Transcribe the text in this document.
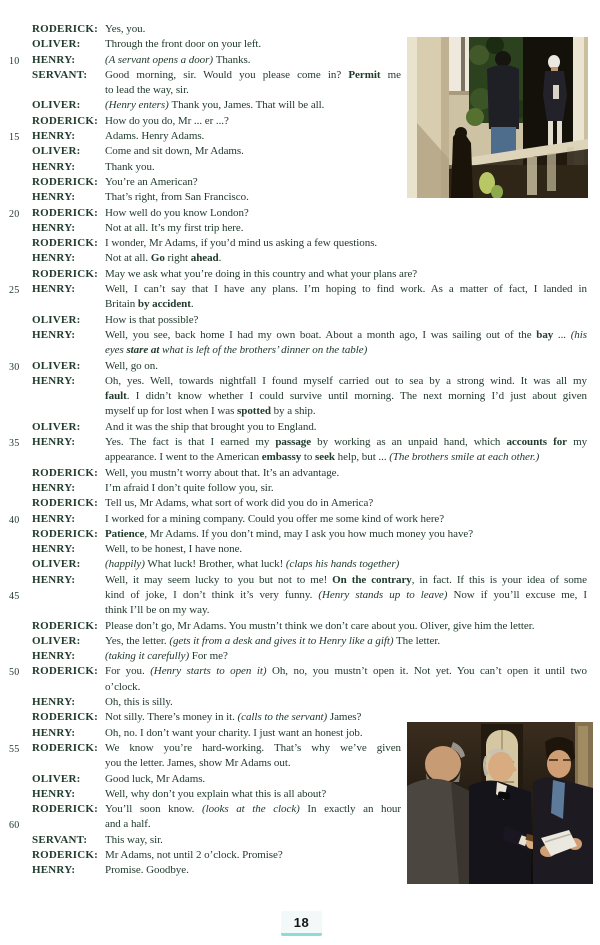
RODERICK: Yes, you.
OLIVER: Through the front door on your left.
10 HENRY:	(A servant opens a door) Thanks.
SERVANT: Good morning, sir. Would you please come in? Permit me
to lead the way, sir.
OLIVER: (Henry enters) Thank you, James. That will be all.
RODERICK: How do you do, Mr ... er ...?
15 HENRY:	Adams. Henry Adams.
OLIVER: Come and sit down, Mr Adams.
HENRY:	Thank you.
RODERICK: You’re an American?
HENRY:	That’s right, from San Francisco.
20 RODERICK: How well do you know London?
HENRY:	Not at all. It’s my first trip here.
RODERICK: I wonder, Mr Adams, if you’d mind us asking a few questions.
HENRY:	Not at all. Go right ahead.
RODERICK: May we ask what you’re doing in this country and what your plans are?
25 HENRY:	Well, I can’t say that I have any plans. I’m hoping to find work. As a matter of fact, I landed in
Britain by accident.
OLIVER: How is that possible?
HENRY:	Well, you see, back home I had my own boat. About a month ago, I was sailing out of the bay ... (his
eyes stare at what is left of the brothers’ dinner on the table)
30 OLIVER: Well, go on.
HENRY:	Oh, yes. Well, towards nightfall I found myself carried out to sea by a strong wind. It was all my
fault. I didn’t know whether I could survive until morning. The next morning I’d just about given
myself up for lost when I was spotted by a ship.
OLIVER: And it was the ship that brought you to England.
35 HENRY:	Yes. The fact is that I earned my passage by working as an unpaid hand, which accounts for my
appearance. I went to the American embassy to seek help, but ... (The brothers smile at each other.)
RODERICK: Well, you mustn’t worry about that. It’s an advantage.
HENRY:	I’m afraid I don’t quite follow you, sir.
RODERICK: Tell us, Mr Adams, what sort of work did you do in America?
40 HENRY:	I worked for a mining company. Could you offer me some kind of work here?
RODERICK: Patience, Mr Adams. If you don’t mind, may I ask you how much money you have?
HENRY:	Well, to be honest, I have none.
OLIVER: (happily) What luck! Brother, what luck! (claps his hands together)
HENRY:	Well, it may seem lucky to you but not to me! On the contrary, in fact. If this is your idea of some
45	kind of joke, I don’t think it’s very funny. (Henry stands up to leave) Now if you’ll excuse me, I
think I’ll be on my way.
RODERICK: Please don’t go, Mr Adams. You mustn’t think we don’t care about you. Oliver, give him the letter.
OLIVER: Yes, the letter. (gets it from a desk and gives it to Henry like a gift) The letter.
HENRY:	(taking it carefully) For me?
50 RODERICK: For you. (Henry starts to open it) Oh, no, you mustn’t open it. Not yet. You can’t open it until two
o’clock.
HENRY:	Oh, this is silly.
RODERICK: Not silly. There’s money in it. (calls to the servant) James?
HENRY:	Oh, no. I don’t want your charity. I just want an honest job.
55 RODERICK: We know you’re hard-working. That’s why we’ve given
you the letter. James, show Mr Adams out.
OLIVER: Good luck, Mr Adams.
HENRY:	Well, why don’t you explain what this is all about?
RODERICK: You’ll soon know. (looks at the clock) In exactly an hour
60	and a half.
SERVANT: This way, sir.
RODERICK: Mr Adams, not until 2 o’clock. Promise?
HENRY:	Promise. Goodbye.
18
